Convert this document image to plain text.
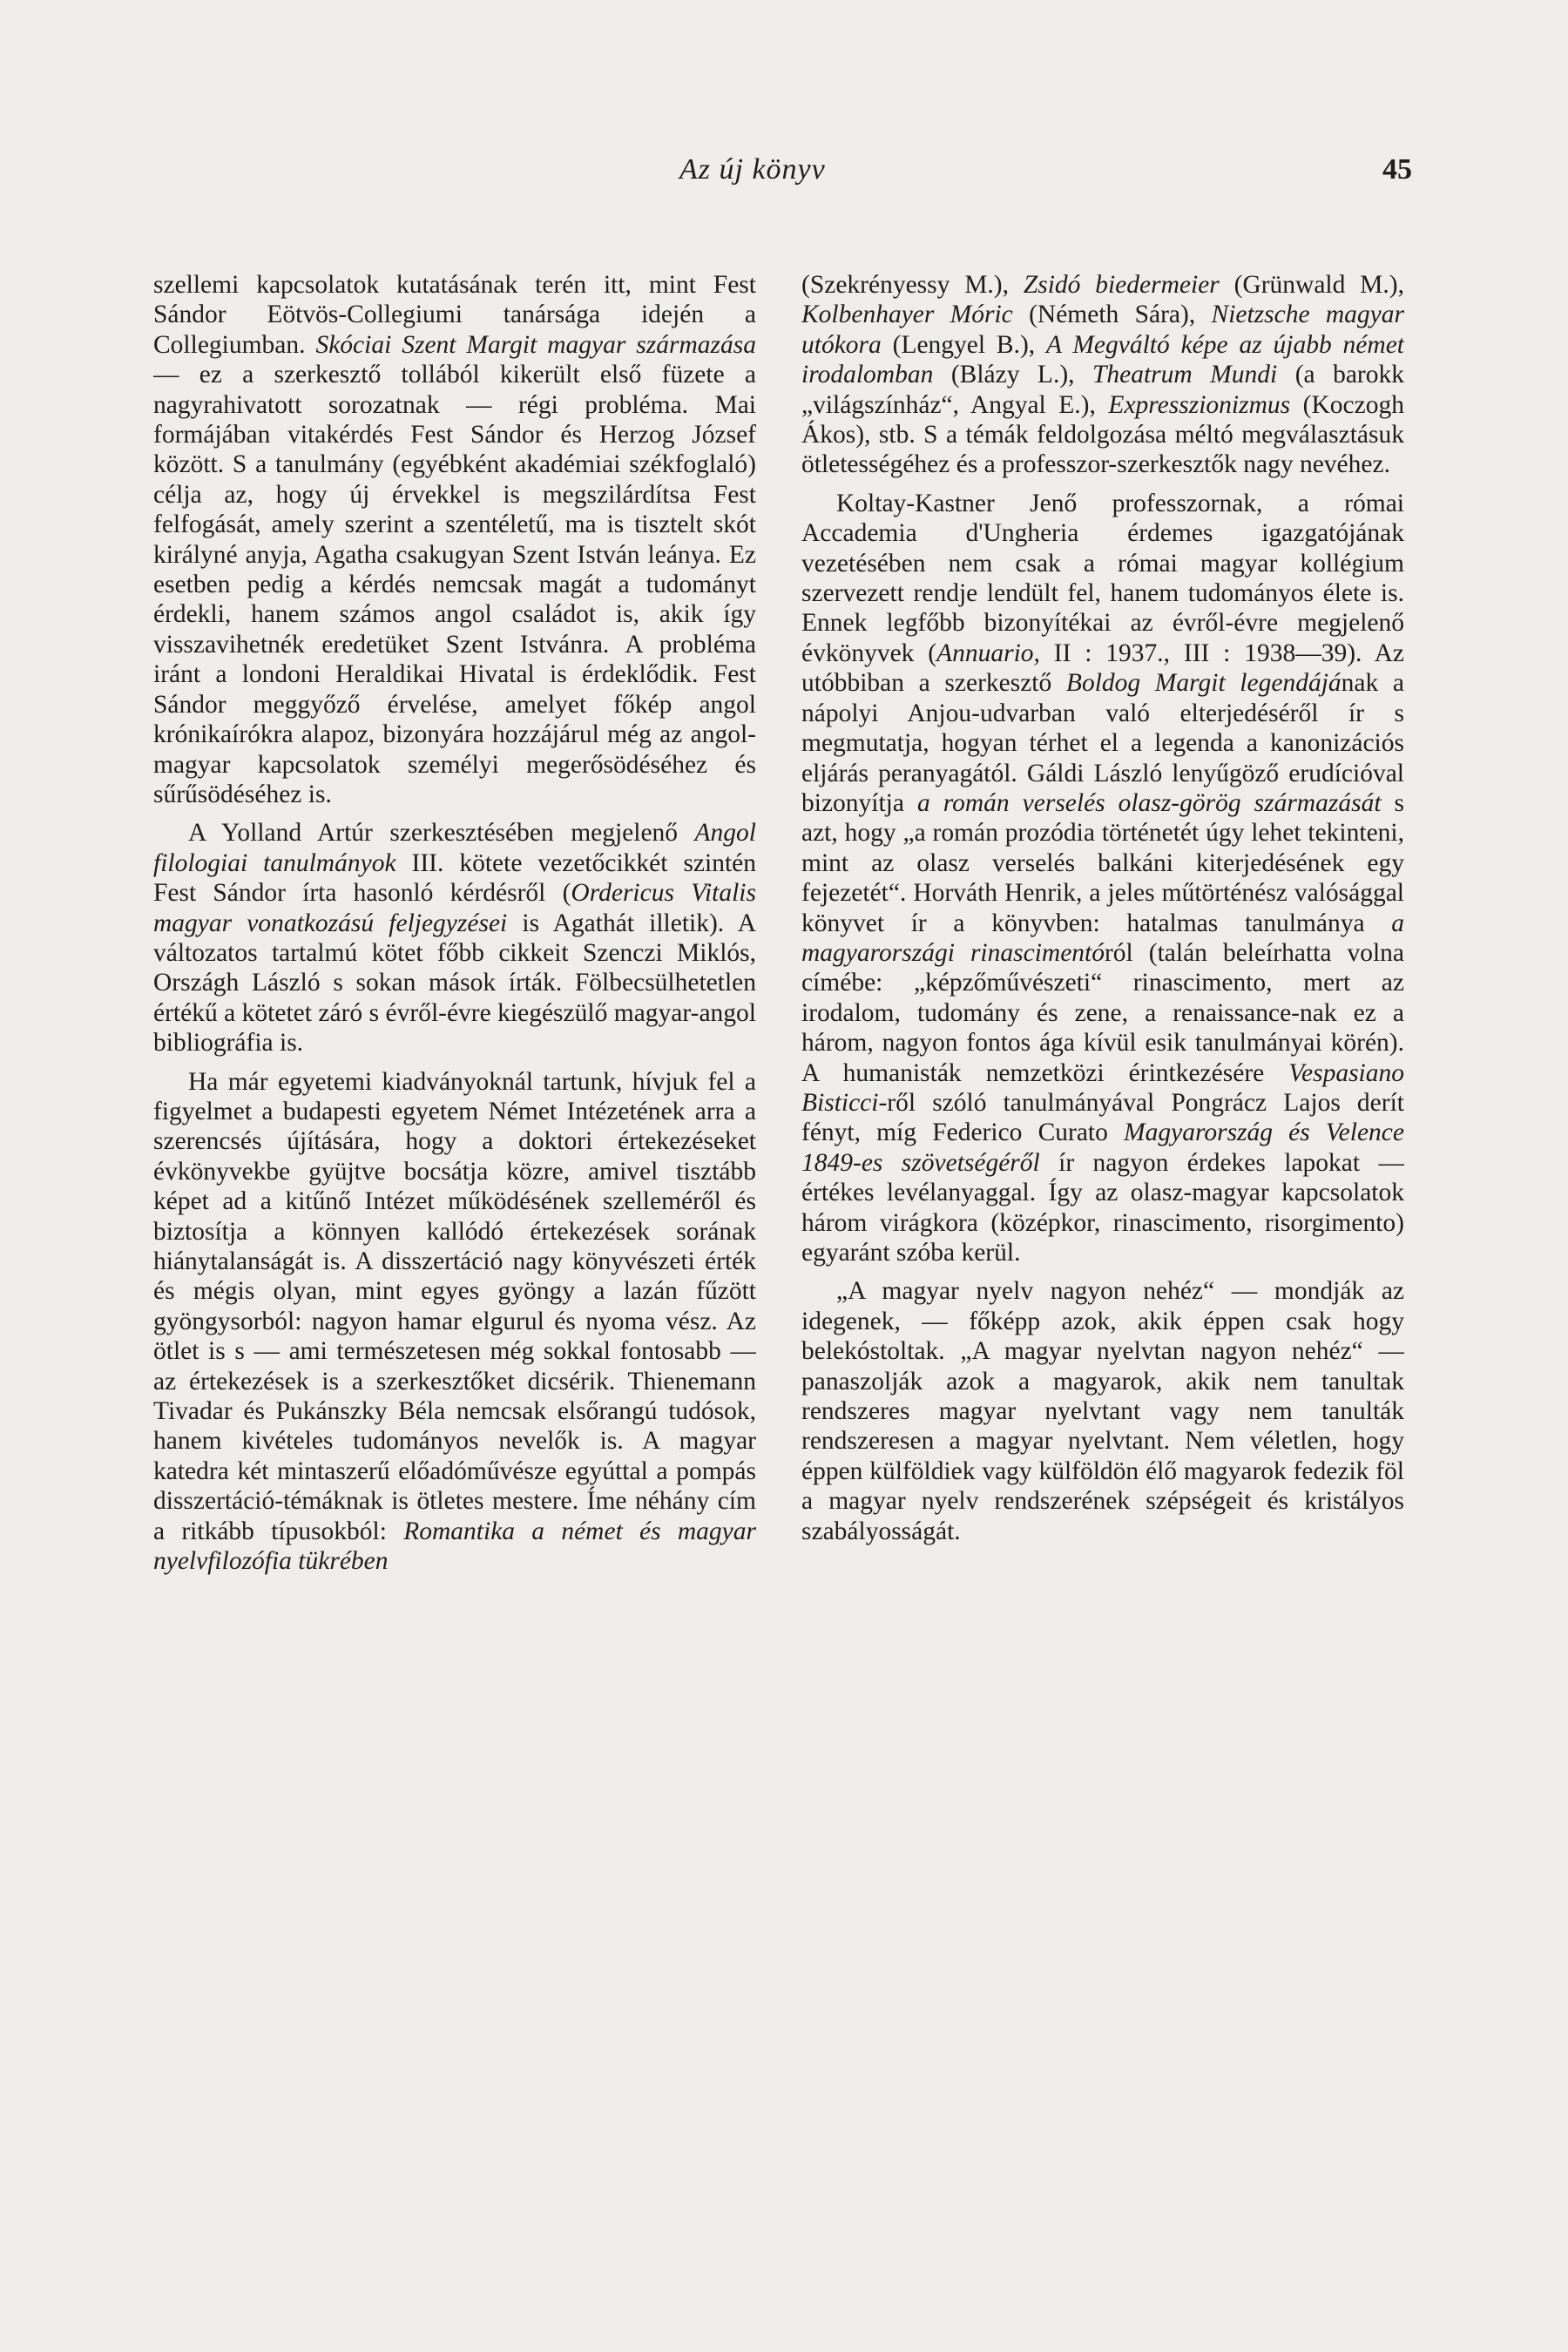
Az új könyv	45

szellemi kapcsolatok kutatásának terén itt, mint Fest Sándor Eötvös-Collegiumi tanársága idején a Collegiumban. Skóciai Szent Margit magyar származása — ez a szerkesztő tollából kikerült első füzete a nagyrahivatott sorozatnak — régi probléma. Mai formájában vitakérdés Fest Sándor és Herzog József között. S a tanulmány (egyébként akadémiai székfoglaló) célja az, hogy új érvekkel is megszilárdítsa Fest felfogását, amely szerint a szentéletű, ma is tisztelt skót királyné anyja, Agatha csakugyan Szent István leánya. Ez esetben pedig a kérdés nemcsak magát a tudományt érdekli, hanem számos angol családot is, akik így visszavihetnék eredetüket Szent Istvánra. A probléma iránt a londoni Heraldikai Hivatal is érdeklődik. Fest Sándor meggyőző érvelése, amelyet főkép angol krónikaírókra alapoz, bizonyára hozzájárul még az angol-magyar kapcsolatok személyi megerősödéséhez és sűrűsödéséhez is.

A Yolland Artúr szerkesztésében megjelenő Angol filologiai tanulmányok III. kötete vezetőcikkét szintén Fest Sándor írta hasonló kérdésről (Ordericus Vitalis magyar vonatkozású feljegyzései is Agathát illetik). A változatos tartalmú kötet főbb cikkeit Szenczi Miklós, Országh László s sokan mások írták. Fölbecsülhetetlen értékű a kötetet záró s évről-évre kiegészülő magyar-angol bibliográfia is.

Ha már egyetemi kiadványoknál tartunk, hívjuk fel a figyelmet a budapesti egyetem Német Intézetének arra a szerencsés újítására, hogy a doktori értekezéseket évkönyvekbe gyüjtve bocsátja közre, amivel tisztább képet ad a kitűnő Intézet működésének szelleméről és biztosítja a könnyen kallódó értekezések sorának hiánytalanságát is. A disszertáció nagy könyvészeti érték és mégis olyan, mint egyes gyöngy a lazán fűzött gyöngysorból: nagyon hamar elgurul és nyoma vész. Az ötlet is s — ami természetesen még sokkal fontosabb — az értekezések is a szerkesztőket dicsérik. Thienemann Tivadar és Pukánszky Béla nemcsak elsőrangú tudósok, hanem kivételes tudományos nevelők is. A magyar katedra két mintaszerű előadóművésze egyúttal a pompás disszertáció-témáknak is ötletes mestere. Íme néhány cím a ritkább típusokból: Romantika a német és magyar nyelvfilozófia tükrében

(Szekrényessy M.), Zsidó biedermeier (Grünwald M.), Kolbenhayer Móric (Németh Sára), Nietzsche magyar utókora (Lengyel B.), A Megváltó képe az újabb német irodalomban (Blázy L.), Theatrum Mundi (a barokk „világszínház“, Angyal E.), Expresszionizmus (Koczogh Ákos), stb. S a témák feldolgozása méltó megválasztásuk ötletességéhez és a professzor-szerkesztők nagy nevéhez.

Koltay-Kastner Jenő professzornak, a római Accademia d'Ungheria érdemes igazgatójának vezetésében nem csak a római magyar kollégium szervezett rendje lendült fel, hanem tudományos élete is. Ennek legfőbb bizonyítékai az évről-évre megjelenő évkönyvek (Annuario, II : 1937., III : 1938—39). Az utóbbiban a szerkesztő Boldog Margit legendájának a nápolyi Anjou-udvarban való elterjedéséről ír s megmutatja, hogyan térhet el a legenda a kanonizációs eljárás peranyagától. Gáldi László lenyűgöző erudícióval bizonyítja a román verselés olasz-görög származását s azt, hogy „a román prozódia történetét úgy lehet tekinteni, mint az olasz verselés balkáni kiterjedésének egy fejezetét“. Horváth Henrik, a jeles műtörténész valósággal könyvet ír a könyvben: hatalmas tanulmánya a magyarországi rinascimentóról (talán beleírhatta volna címébe: „képzőművészeti“ rinascimento, mert az irodalom, tudomány és zene, a renaissance-nak ez a három, nagyon fontos ága kívül esik tanulmányai körén). A humanisták nemzetközi érintkezésére Vespasiano Bisticci-ről szóló tanulmányával Pongrácz Lajos derít fényt, míg Federico Curato Magyarország és Velence 1849-es szövetségéről ír nagyon érdekes lapokat — értékes levélanyaggal. Így az olasz-magyar kapcsolatok három virágkora (középkor, rinascimento, risorgimento) egyaránt szóba kerül.

„A magyar nyelv nagyon nehéz“ — mondják az idegenek, — főképp azok, akik éppen csak hogy belekóstoltak. „A magyar nyelvtan nagyon nehéz“ — panaszolják azok a magyarok, akik nem tanultak rendszeres magyar nyelvtant vagy nem tanulták rendszeresen a magyar nyelvtant. Nem véletlen, hogy éppen külföldiek vagy külföldön élő magyarok fedezik föl a magyar nyelv rendszerének szépségeit és kristályos szabályosságát.
